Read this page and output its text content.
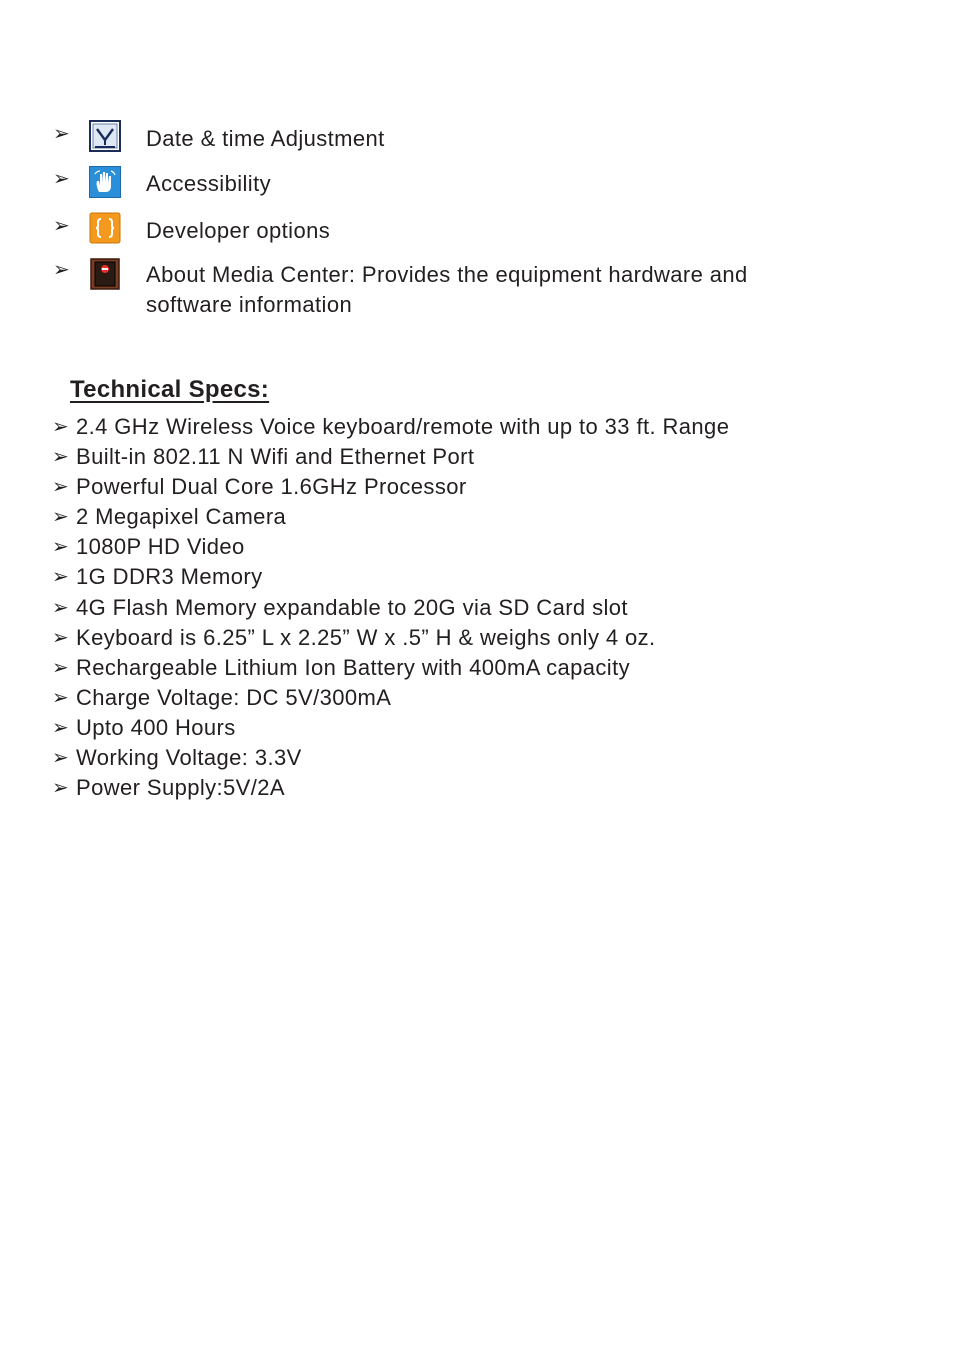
➢	Date & time Adjustment
➢	Accessibility
➢	Developer options
➢	About Media Center: Provides the equipment hardware and software information
Technical Specs:
➢ 2.4 GHz Wireless Voice keyboard/remote with up to 33 ft. Range
➢ Built-in 802.11 N Wifi and Ethernet Port
➢ Powerful Dual Core 1.6GHz Processor
➢ 2 Megapixel Camera
➢ 1080P HD Video
➢ 1G DDR3 Memory
➢ 4G Flash Memory expandable to 20G via SD Card slot
➢ Keyboard is 6.25” L x 2.25” W x .5” H & weighs only 4 oz.
➢ Rechargeable Lithium Ion Battery with 400mA capacity
➢ Charge Voltage: DC 5V/300mA
➢ Upto 400 Hours
➢ Working Voltage: 3.3V
➢ Power Supply:5V/2A
